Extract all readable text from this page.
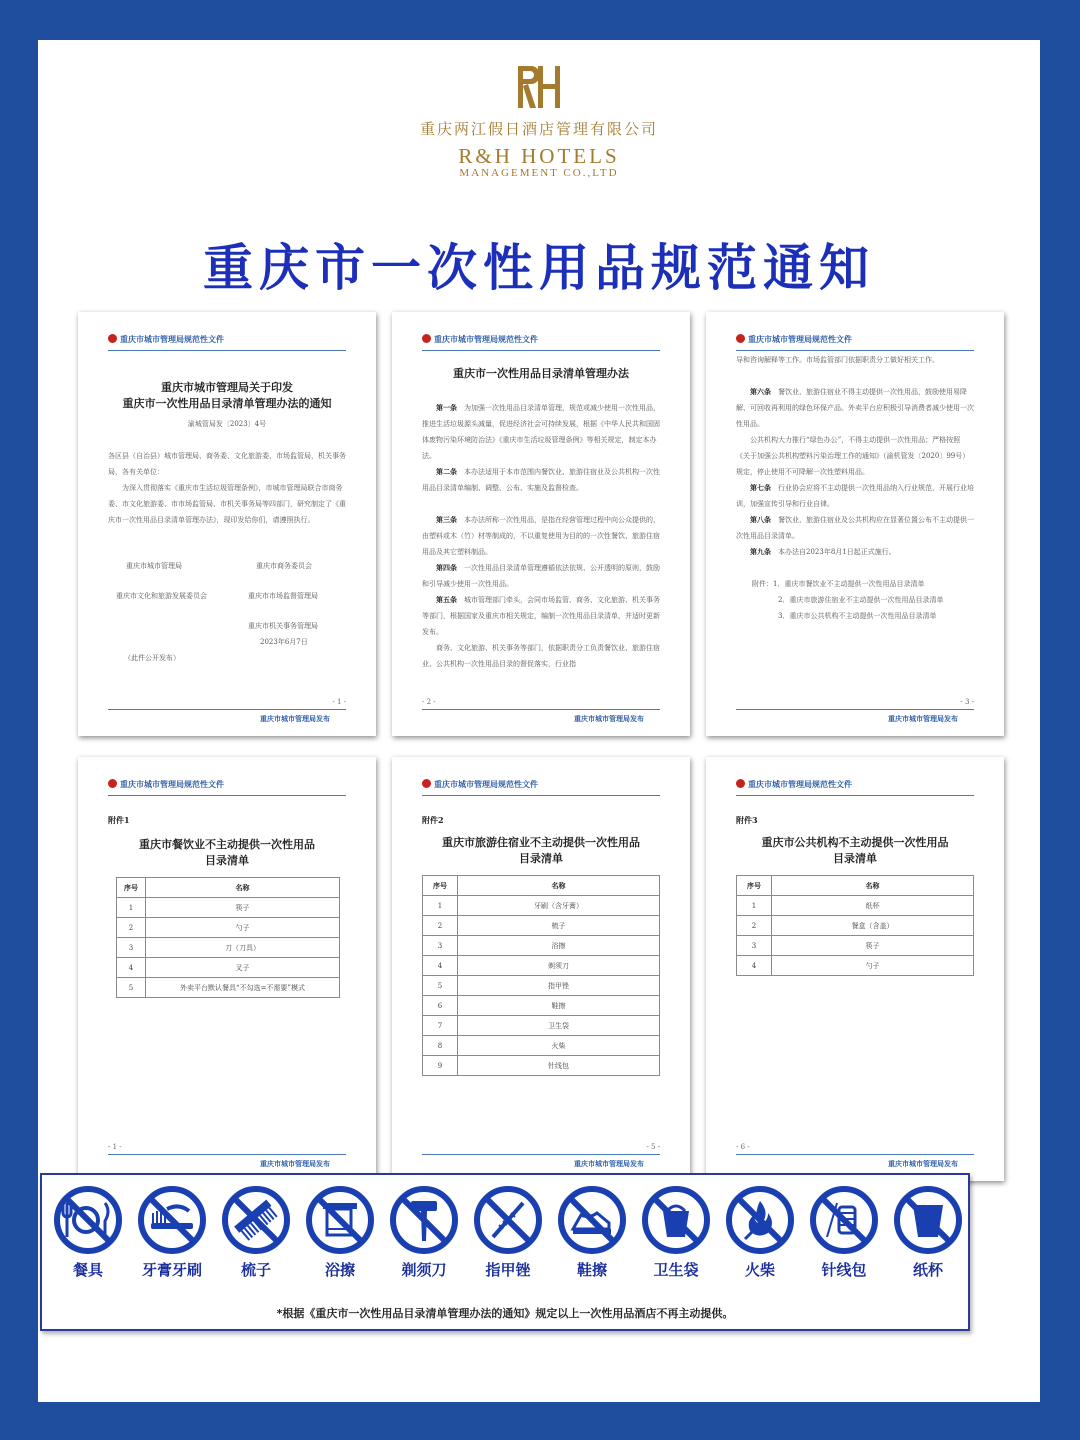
重庆两江假日酒店管理有限公司
R&H HOTELS
MANAGEMENT CO.,LTD
重庆市一次性用品规范通知
重庆市城市管理局规范性文件
重庆市城市管理局关于印发
重庆市一次性用品目录清单管理办法的通知
渝城管局发〔2023〕4号
各区县（自治县）城市管理局、商务委、文化旅游委、市场监管局，机关事务局，各有关单位：
为深入贯彻落实《重庆市生活垃圾管理条例》，市城市管理局联合市商务委、市文化旅游委、市市场监管局、市机关事务局等四部门，研究制定了《重庆市一次性用品目录清单管理办法》，现印发给你们，请遵照执行。
重庆市城市管理局	重庆市商务委员会
重庆市文化和旅游发展委员会	重庆市市场监督管理局
重庆市机关事务管理局
2023年6月7日
（此件公开发布）
- 1 -
重庆市城市管理局发布
重庆市城市管理局规范性文件
重庆市一次性用品目录清单管理办法
第一条　 为加强一次性用品目录清单管理，规范或减少使用一次性用品，推进生活垃圾源头减量，促进经济社会可持续发展，根据《中华人民共和国固体废物污染环境防治法》《重庆市生活垃圾管理条例》等相关规定，制定本办法。
第二条　 本办法适用于本市范围内餐饮业、旅游住宿业及公共机构一次性用品目录清单编制、调整、公布、实施及监督检查。
第三条　 本办法所称一次性用品，是指在经营管理过程中向公众提供的，由塑料或木（竹）材等制成的，不以重复使用为目的的一次性餐饮、旅游住宿用品及其它塑料制品。
第四条　 一次性用品目录清单管理遵循依法依规、公开透明的原则，鼓励和引导减少使用一次性用品。
第五条　 城市管理部门牵头，会同市场监管、商务、文化旅游、机关事务等部门，根据国家及重庆市相关规定，编制一次性用品目录清单，并适时更新发布。
商务、文化旅游、机关事务等部门，依据职责分工负责餐饮业、旅游住宿业、公共机构一次性用品目录的督促落实，行业指
- 2 -
重庆市城市管理局发布
重庆市城市管理局规范性文件
导和咨询解释等工作。市场监管部门依据职责分工做好相关工作。
第六条　 餐饮业、旅游住宿业不得主动提供一次性用品，鼓励使用易降解、可回收再利用的绿色环保产品。外卖平台应积极引导消费者减少使用一次性用品。
公共机构大力推行“绿色办公”，不得主动提供一次性用品；严格按照《关于加强公共机构塑料污染治理工作的通知》（渝机管发〔2020〕99号）规定，停止使用不可降解一次性塑料用品。
第七条　 行业协会应将不主动提供一次性用品纳入行业规范，开展行业培训，加强宣传引导和行业自律。
第八条　 餐饮业、旅游住宿业及公共机构应在显著位置公布不主动提供一次性用品目录清单。
第九条　 本办法自2023年8月1日起正式施行。
附件：1．重庆市餐饮业不主动提供一次性用品目录清单
2．重庆市旅游住宿业不主动提供一次性用品目录清单
3．重庆市公共机构不主动提供一次性用品目录清单
- 3 -
重庆市城市管理局发布
重庆市城市管理局规范性文件
附件1
重庆市餐饮业不主动提供一次性用品
目录清单
序号	名称
1	筷子
2	勺子
3	刀（刀具）
4	叉子
5	外卖平台默认餐具“不勾选=不需要”模式
- 1 -
重庆市城市管理局发布
重庆市城市管理局规范性文件
附件2
重庆市旅游住宿业不主动提供一次性用品
目录清单
序号	名称
1	牙刷（含牙膏）
2	梳子
3	浴擦
4	剃须刀
5	指甲锉
6	鞋擦
7	卫生袋
8	火柴
9	针线包
- 5 -
重庆市城市管理局发布
重庆市城市管理局规范性文件
附件3
重庆市公共机构不主动提供一次性用品
目录清单
序号	名称
1	纸杯
2	餐盒（含盖）
3	筷子
4	勺子
- 6 -
重庆市城市管理局发布
餐具	牙膏牙刷	梳子	浴擦	剃须刀	指甲锉	鞋擦	卫生袋	火柴	针线包	纸杯
*根据《重庆市一次性用品目录清单管理办法的通知》规定以上一次性用品酒店不再主动提供。
